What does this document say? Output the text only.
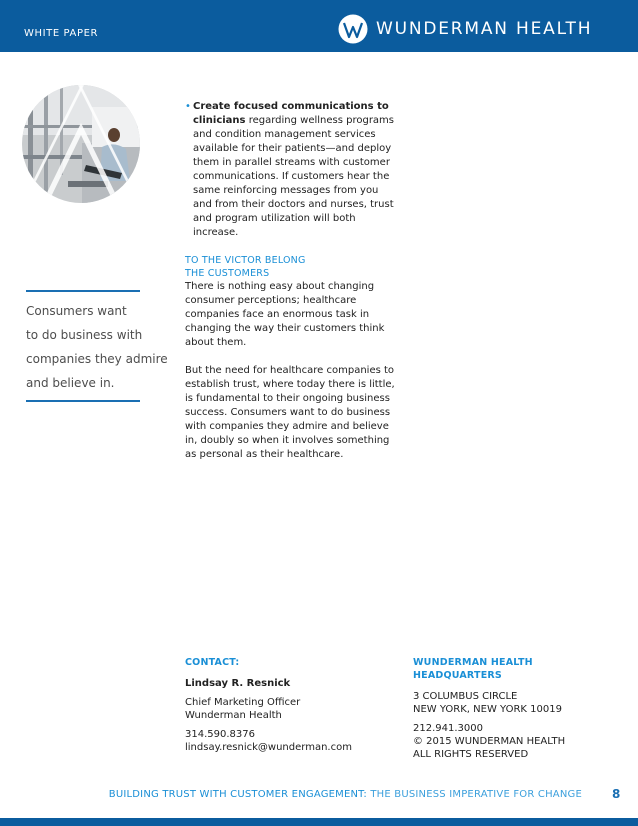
WHITE PAPER	WUNDERMAN HEALTH
Consumers want
to do business with
companies they admire
and believe in.
• Create focused communications to clinicians regarding wellness programs and condition management services available for their patients—and deploy them in parallel streams with customer communications. If customers hear the same reinforcing messages from you and from their doctors and nurses, trust and program utilization will both increase.
TO THE VICTOR BELONG
THE CUSTOMERS

There is nothing easy about changing consumer perceptions; healthcare companies face an enormous task in changing the way their customers think about them.

But the need for healthcare companies to establish trust, where today there is little, is fundamental to their ongoing business success. Consumers want to do business with companies they admire and believe in, doubly so when it involves something as personal as their healthcare.

CONTACT:
Lindsay R. Resnick
Chief Marketing Officer
Wunderman Health
314.590.8376
lindsay.resnick@wunderman.com
WUNDERMAN HEALTH HEADQUARTERS
3 COLUMBUS CIRCLE
NEW YORK, NEW YORK 10019
212.941.3000
© 2015 WUNDERMAN HEALTH
ALL RIGHTS RESERVED
BUILDING TRUST WITH CUSTOMER ENGAGEMENT: THE BUSINESS IMPERATIVE FOR CHANGE	8
